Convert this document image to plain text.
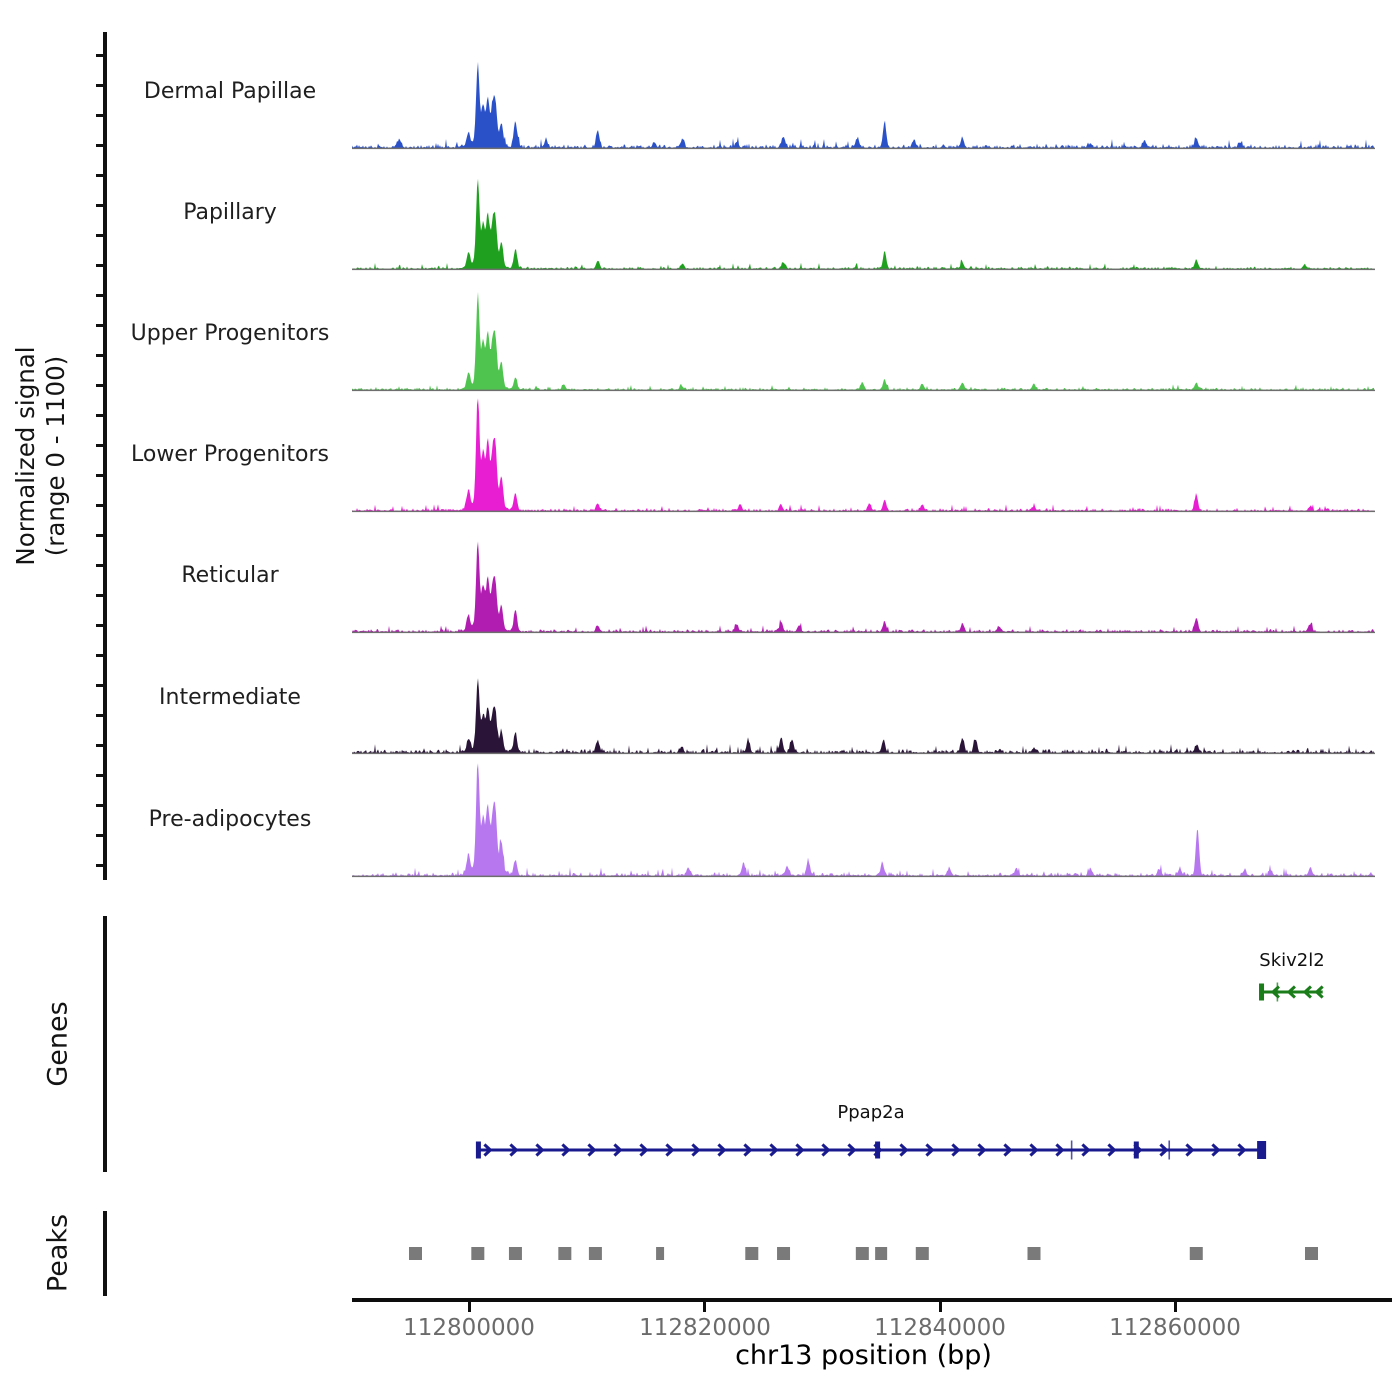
Normalized signal (range 0 - 1100)
Dermal Papillae
Papillary
Upper Progenitors
Lower Progenitors
Reticular
Intermediate
Pre-adipocytes
Genes
Peaks
Skiv2l2
Ppap2a
112800000	112820000	112840000	112860000
chr13 position (bp)
